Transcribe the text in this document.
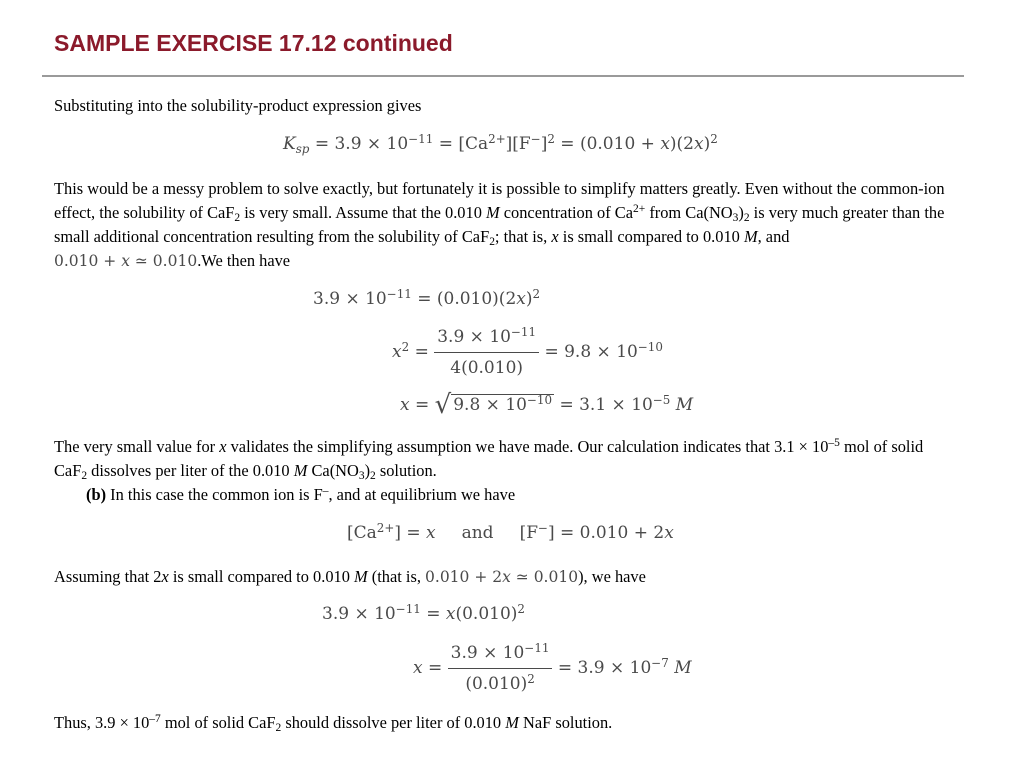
SAMPLE EXERCISE 17.12 continued

Substituting into the solubility-product expression gives

$K_{sp} = 3.9 \times 10^{-11} = [Ca^{2+}][F^-]^2 = (0.010 + x)(2x)^2$

This would be a messy problem to solve exactly, but fortunately it is possible to simplify matters greatly. Even without the common-ion effect, the solubility of CaF$_2$ is very small. Assume that the 0.010 M concentration of $Ca^{2+}$ from $Ca(NO_3)_2$ is very much greater than the small additional concentration resulting from the solubility of CaF$_2$; that is, x is small compared to 0.010 M, and 0.010 + x ≃ 0.010.We then have

$3.9 \times 10^{-11} = (0.010)(2x)^2$
$x^2 = \frac{3.9 \times 10^{-11}}{4(0.010)} = 9.8 \times 10^{-10}$
x = √ $9.8 \times 10^{-10} = 3.1 \times 10^{-5}$ M

The very small value for x validates the simplifying assumption we have made. Our calculation indicates that $3.1 \times 10^{-5}$ mol of solid CaF$_2$ dissolves per liter of the 0.010 M $Ca(NO_3)_2$ solution.

(b) In this case the common ion is F–, and at equilibrium we have

$[Ca^{2+}] = x$ and [F−] = 0.010 + 2x

Assuming that 2x is small compared to 0.010 M (that is, 0.010 + 2x ≃ 0.010), we have

$3.9 \times 10^{-11} = x(0.010)^2$
$x = \frac{3.9 \times 10^{-11}}{(0.010)^2} = 3.9 \times 10^{-7}$ M

Thus, $3.9 \times 10^{-7}$ mol of solid CaF$_2$ should dissolve per liter of 0.010 M NaF solution.
